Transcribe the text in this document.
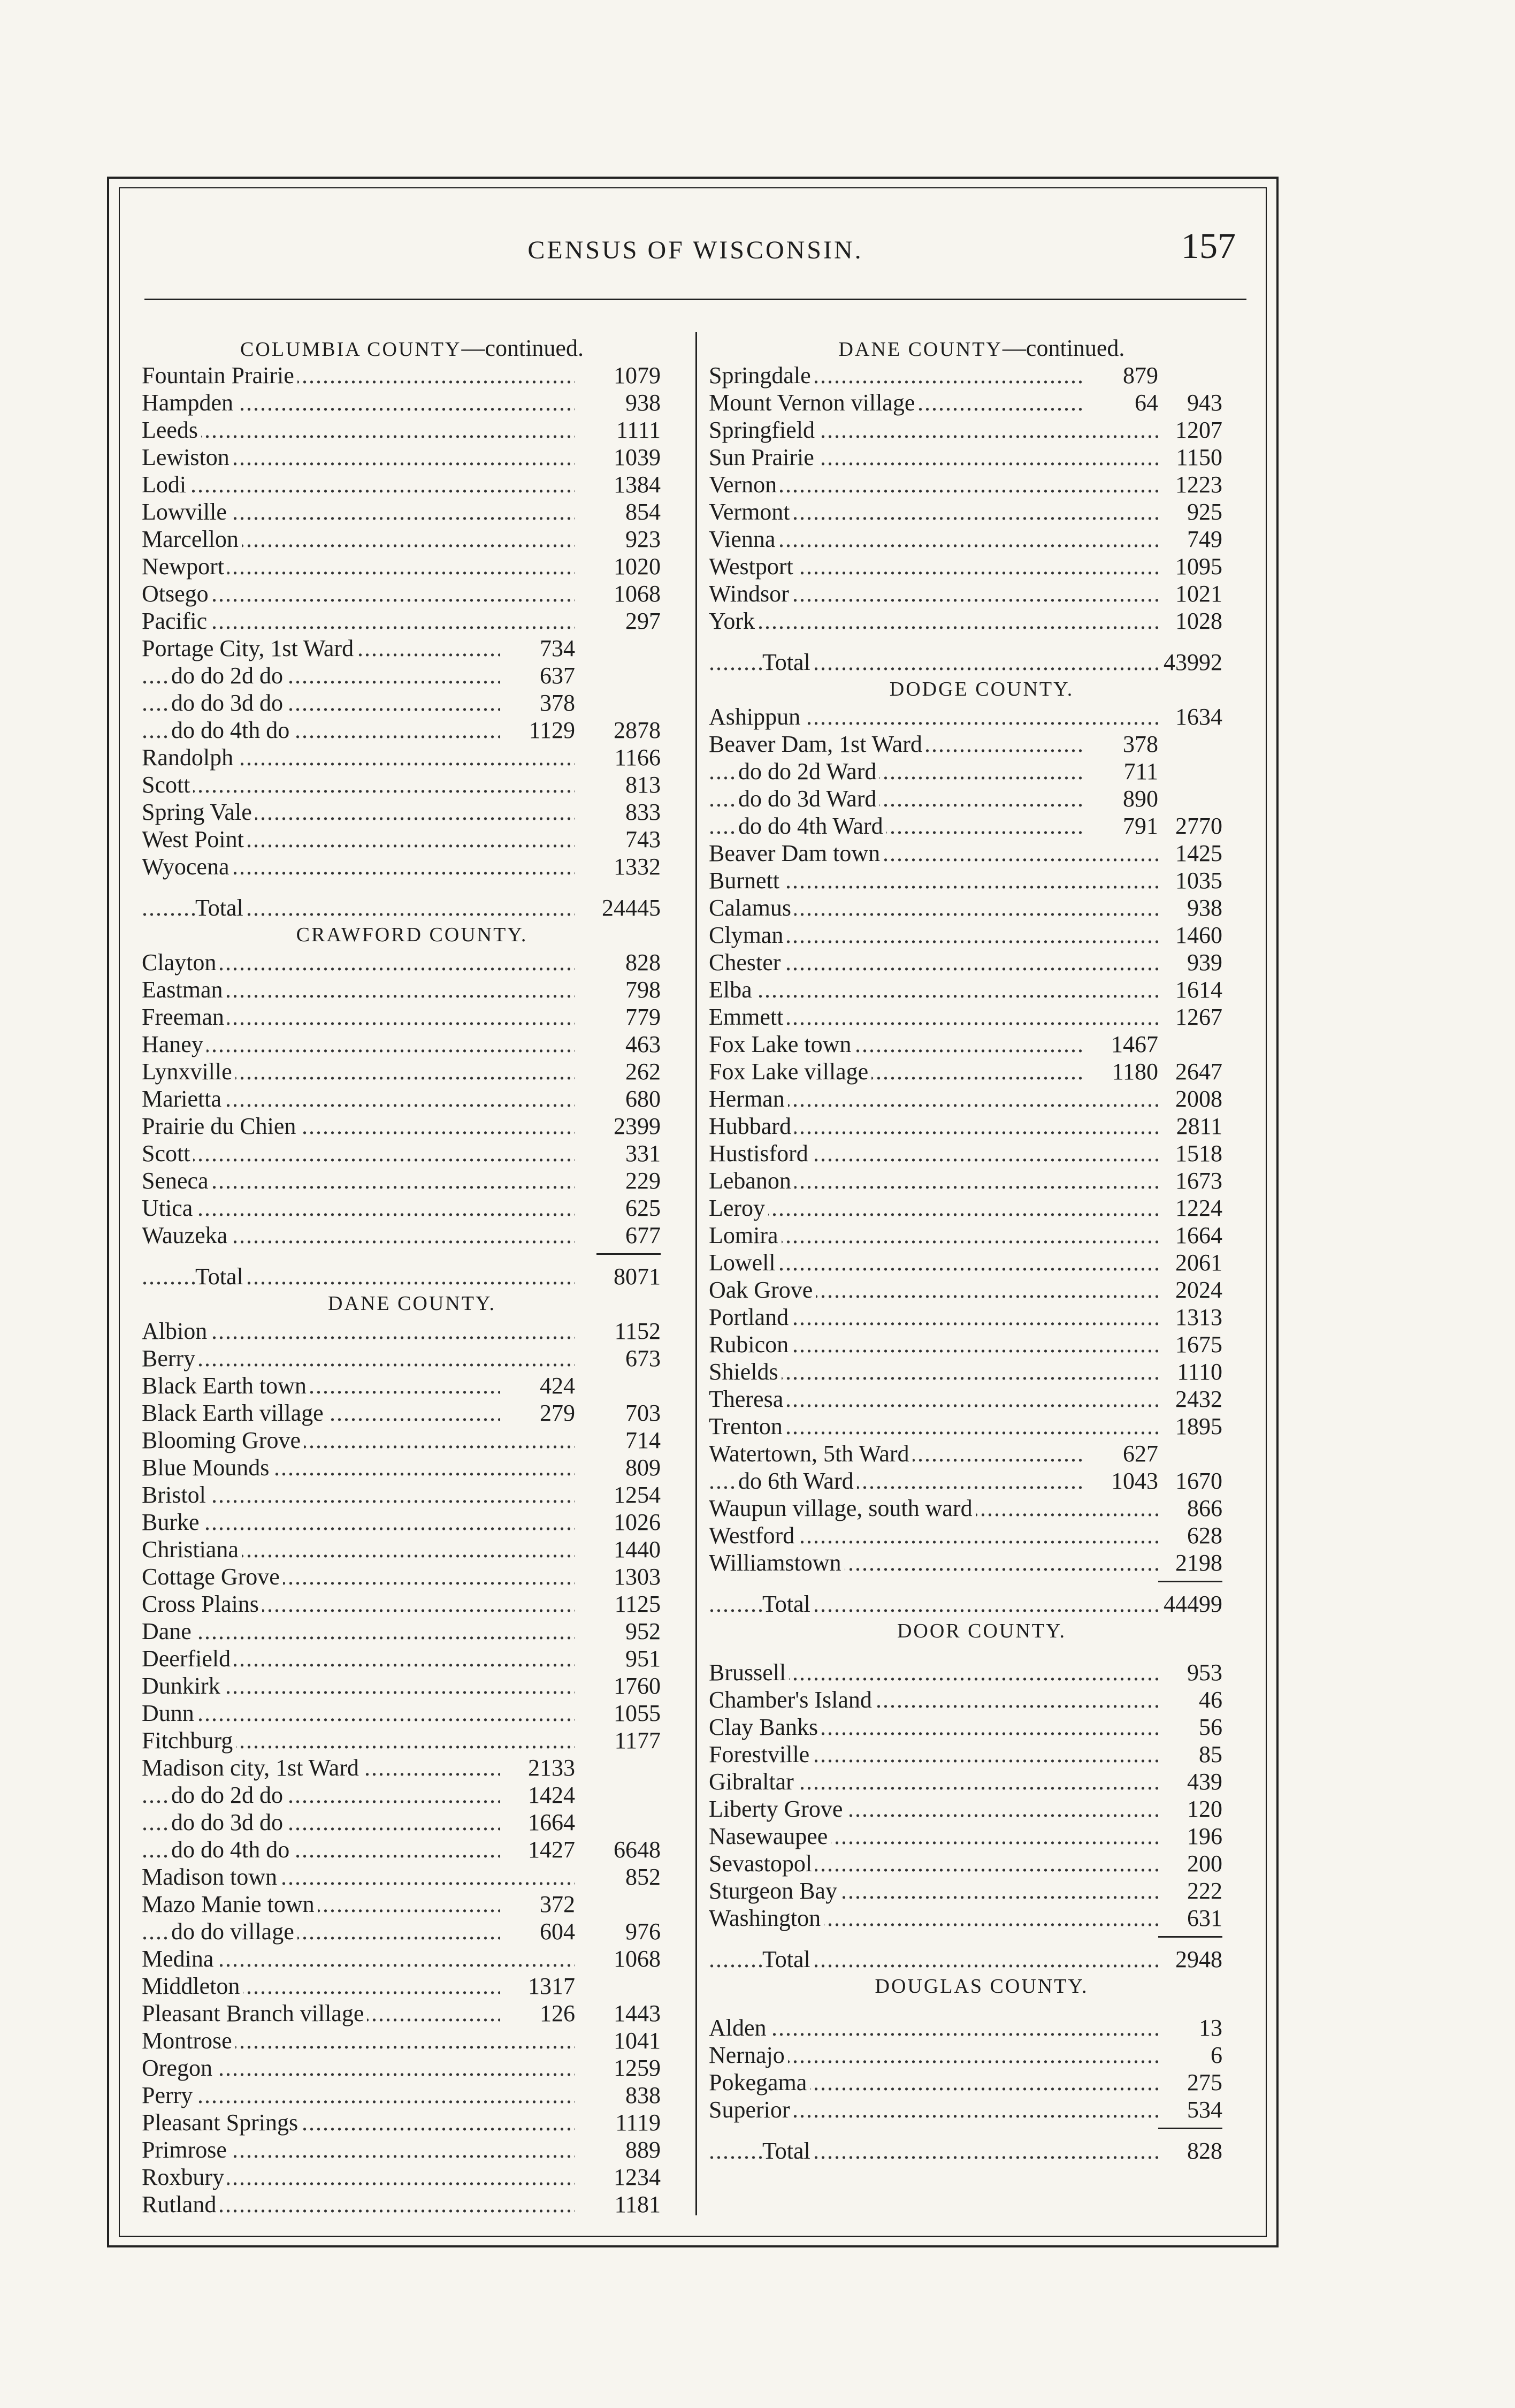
CENSUS OF WISCONSIN.	157
COLUMBIA COUNTY—continued.
Fountain Prairie .....	1079
Hampden .....	938
Leeds .....	1111
Lewiston .....	1039
Lodi .....	1384
Lowville .....	854
Marcellon .....	923
Newport .....	1020
Otsego .....	1068
Pacific .....	297
Portage City, 1st Ward .....	734
do do 2d do .....	637
do do 3d do .....	378
do do 4th do .....	1129	2878
Randolph .....	1166
Scott .....	813
Spring Vale .....	833
West Point .....	743
Wyocena .....	1332
Total .....	24445
CRAWFORD COUNTY.
Clayton .....	828
Eastman .....	798
Freeman .....	779
Haney .....	463
Lynxville .....	262
Marietta .....	680
Prairie du Chien .....	2399
Scott .....	331
Seneca .....	229
Utica .....	625
Wauzeka .....	677
Total .....	8071
DANE COUNTY.
Albion .....	1152
Berry .....	673
Black Earth town .....	424
Black Earth village .....	279	703
Blooming Grove .....	714
Blue Mounds .....	809
Bristol .....	1254
Burke .....	1026
Christiana .....	1440
Cottage Grove .....	1303
Cross Plains .....	1125
Dane .....	952
Deerfield .....	951
Dunkirk .....	1760
Dunn .....	1055
Fitchburg .....	1177
Madison city, 1st Ward .....	2133
do do 2d do .....	1424
do do 3d do .....	1664
do do 4th do .....	1427	6648
Madison town .....	852
Mazo Manie town .....	372
do do village .....	604	976
Medina .....	1068
Middleton .....	1317
Pleasant Branch village .....	126	1443
Montrose .....	1041
Oregon .....	1259
Perry .....	838
Pleasant Springs .....	1119
Primrose .....	889
Roxbury .....	1234
Rutland .....	1181
DANE COUNTY—continued.
Springdale .....	879
Mount Vernon village .....	64	943
Springfield .....	1207
Sun Prairie .....	1150
Vernon .....	1223
Vermont .....	925
Vienna .....	749
Westport .....	1095
Windsor .....	1021
York .....	1028
Total .....	43992
DODGE COUNTY.
Ashippun .....	1634
Beaver Dam, 1st Ward .....	378
do do 2d Ward .....	711
do do 3d Ward .....	890
do do 4th Ward .....	791 2770
Beaver Dam town .....	1425
Burnett .....	1035
Calamus .....	938
Clyman .....	1460
Chester .....	939
Elba .....	1614
Emmett .....	1267
Fox Lake town .....	1467
Fox Lake village .....	1180 2647
Herman .....	2008
Hubbard .....	2811
Hustisford .....	1518
Lebanon .....	1673
Leroy .....	1224
Lomira .....	1664
Lowell .....	2061
Oak Grove .....	2024
Portland .....	1313
Rubicon .....	1675
Shields .....	1110
Theresa .....	2432
Trenton .....	1895
Watertown, 5th Ward .....	627
do 6th Ward .....	1043 1670
Waupun village, south ward .....	866
Westford .....	628
Williamstown .....	2198
Total .....	44499
DOOR COUNTY.
Brussell .....	953
Chamber's Island .....	46
Clay Banks .....	56
Forestville .....	85
Gibraltar .....	439
Liberty Grove .....	120
Nasewaupee .....	196
Sevastopol .....	200
Sturgeon Bay .....	222
Washington .....	631
Total .....	2948
DOUGLAS COUNTY.
Alden .....	13
Nernajo .....	6
Pokegama .....	275
Superior .....	534
Total .....	828
